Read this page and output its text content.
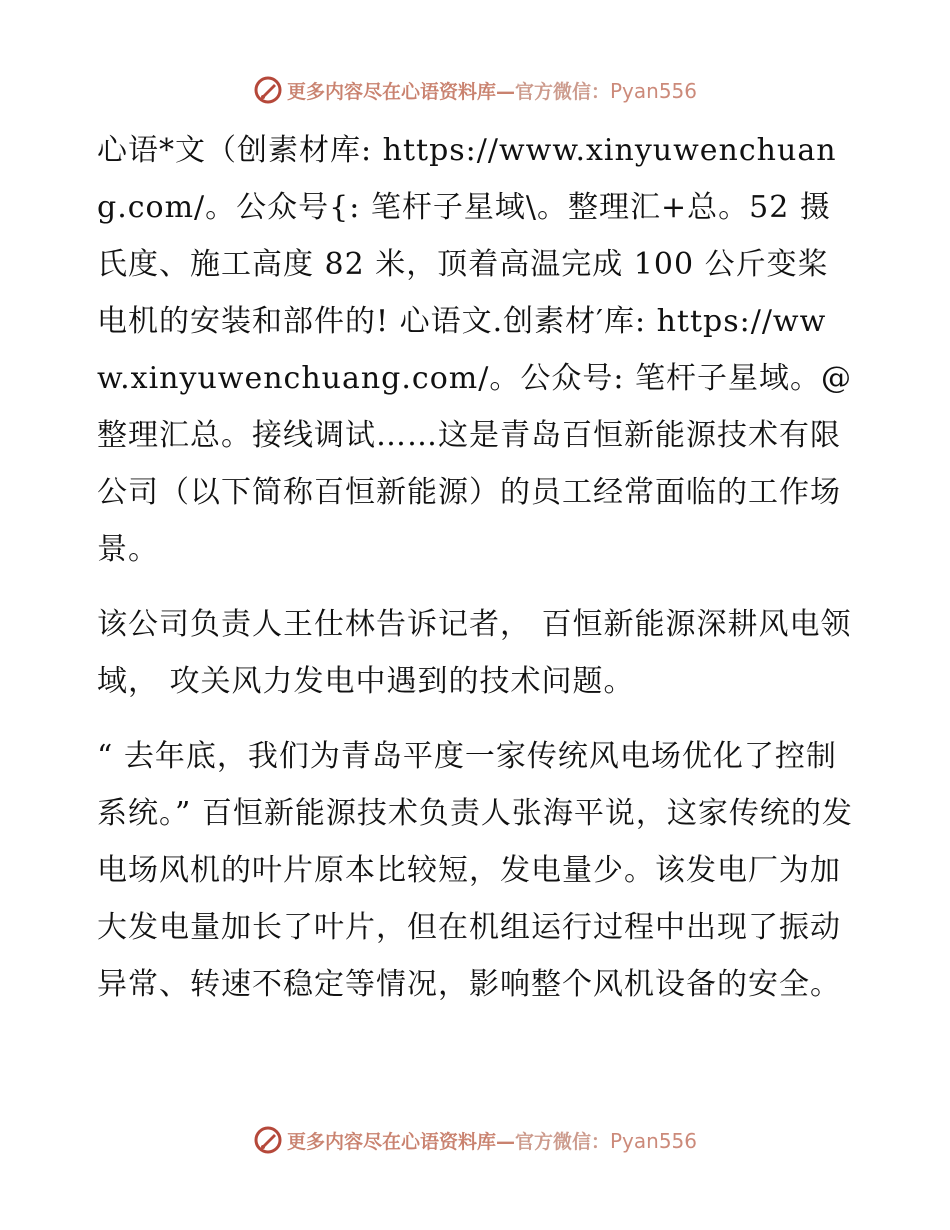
更多内容尽在心语资料库—官方微信：Pyan556

心语*文（创素材库: https://www.xinyuwenchuang.com/。公众号{: 笔杆子星域\。整理汇+总。52 摄氏度、施工高度 82 米，顶着高温完成 100 公斤变桨电机的安装和部件的! 心语文.创素材′库: https://www.xinyuwenchuang.com/。公众号: 笔杆子星域。@整理汇总。接线调试……这是青岛百恒新能源技术有限公司（以下简称百恒新能源）的员工经常面临的工作场景。

该公司负责人王仕林告诉记者， 百恒新能源深耕风电领域， 攻关风力发电中遇到的技术问题。

“ 去年底，我们为青岛平度一家传统风电场优化了控制系统。” 百恒新能源技术负责人张海平说，这家传统的发电场风机的叶片原本比较短，发电量少。该发电厂为加大发电量加长了叶片，但在机组运行过程中出现了振动异常、转速不稳定等情况，影响整个风机设备的安全。

更多内容尽在心语资料库—官方微信：Pyan556
